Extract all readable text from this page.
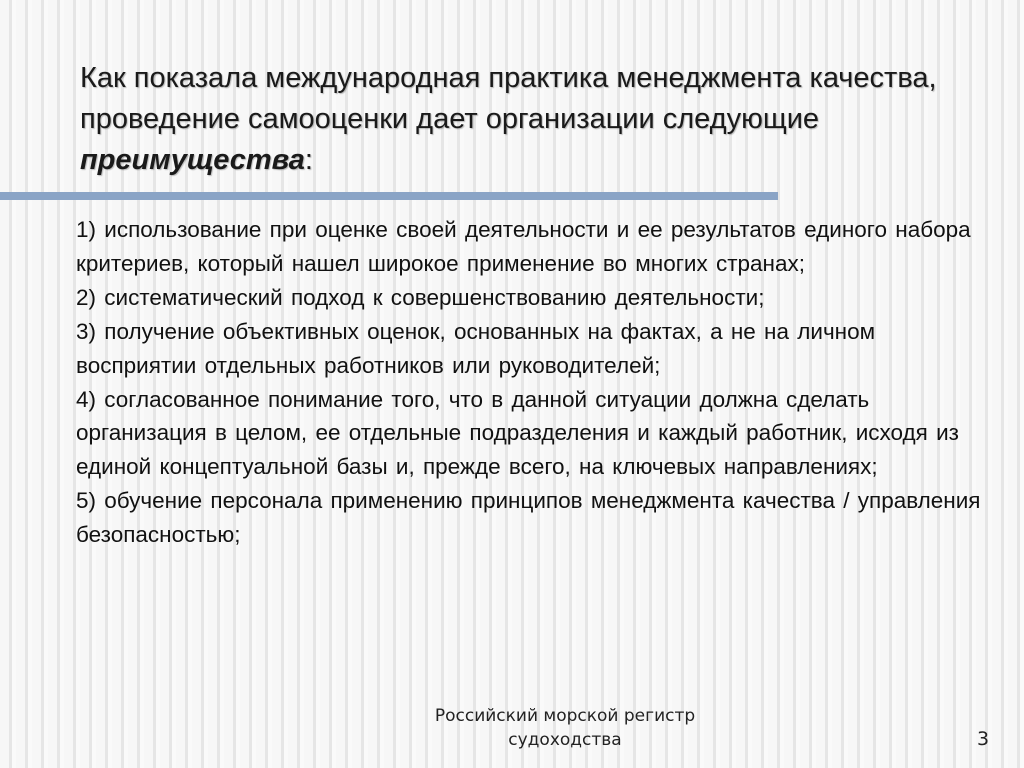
Как показала международная практика менеджмента качества, проведение самооценки дает организации следующие преимущества:
1) использование при оценке своей деятельности и ее результатов единого набора критериев, который нашел широкое применение во многих странах;
2) систематический подход к совершенствованию деятельности;
3) получение объективных оценок, основанных на фактах, а не на личном восприятии отдельных работников или руководителей;
4) согласованное понимание того, что в данной ситуации должна сделать организация в целом, ее отдельные подразделения и каждый работник, исходя из единой концептуальной базы и, прежде всего, на ключевых направлениях;
5) обучение персонала применению принципов менеджмента качества / управления безопасностью;
Российский морской регистр
судоходства	3
